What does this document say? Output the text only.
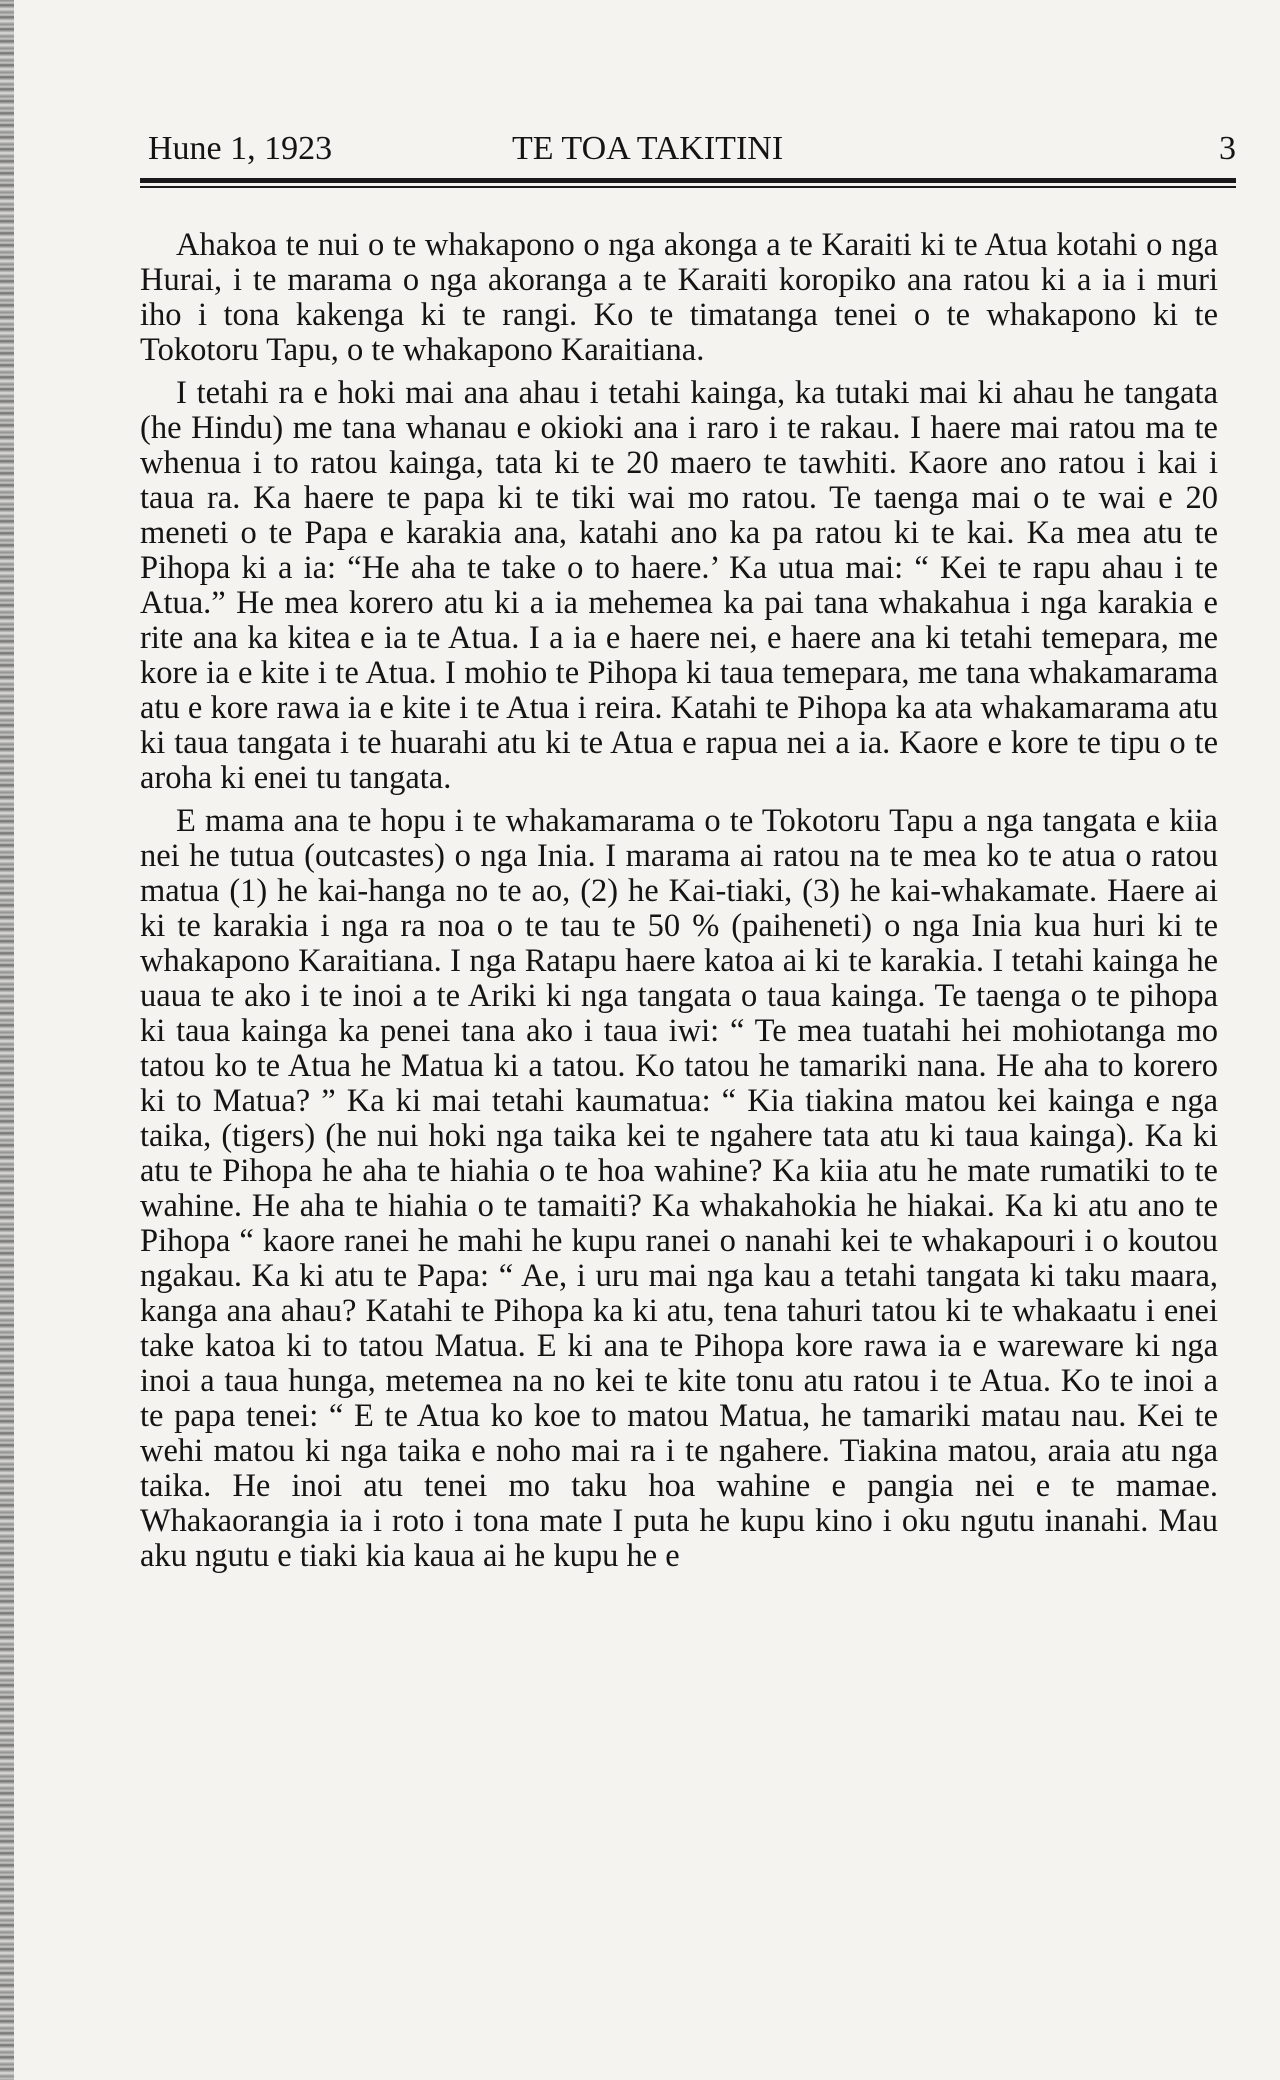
Hune 1, 1923	TE TOA TAKITINI	3

Ahakoa te nui o te whakapono o nga akonga a te Karaiti ki te Atua kotahi o nga Hurai, i te marama o nga akoranga a te Karaiti koropiko ana ratou ki a ia i muri iho i tona kakenga ki te rangi. Ko te timatanga tenei o te whakapono ki te Tokotoru Tapu, o te whakapono Karaitiana.

I tetahi ra e hoki mai ana ahau i tetahi kainga, ka tutaki mai ki ahau he tangata (he Hindu) me tana whanau e okioki ana i raro i te rakau. I haere mai ratou ma te whenua i to ratou kainga, tata ki te 20 maero te tawhiti. Kaore ano ratou i kai i taua ra. Ka haere te papa ki te tiki wai mo ratou. Te taenga mai o te wai e 20 meneti o te Papa e karakia ana, katahi ano ka pa ratou ki te kai. Ka mea atu te Pihopa ki a ia: “He aha te take o to haere.’ Ka utua mai: “ Kei te rapu ahau i te Atua.” He mea korero atu ki a ia mehemea ka pai tana whakahua i nga karakia e rite ana ka kitea e ia te Atua. I a ia e haere nei, e haere ana ki tetahi temepara, me kore ia e kite i te Atua. I mohio te Pihopa ki taua temepara, me tana whakamarama atu e kore rawa ia e kite i te Atua i reira. Katahi te Pihopa ka ata whakamarama atu ki taua tangata i te huarahi atu ki te Atua e rapua nei a ia. Kaore e kore te tipu o te aroha ki enei tu tangata.

E mama ana te hopu i te whakamarama o te Tokotoru Tapu a nga tangata e kiia nei he tutua (outcastes) o nga Inia. I marama ai ratou na te mea ko te atua o ratou matua (1) he kai-hanga no te ao, (2) he Kai-tiaki, (3) he kai-whakamate. Haere ai ki te karakia i nga ra noa o te tau te 50 % (paiheneti) o nga Inia kua huri ki te whakapono Karaitiana. I nga Ratapu haere katoa ai ki te karakia. I tetahi kainga he uaua te ako i te inoi a te Ariki ki nga tangata o taua kainga. Te taenga o te pihopa ki taua kainga ka penei tana ako i taua iwi: “ Te mea tuatahi hei mohiotanga mo tatou ko te Atua he Matua ki a tatou. Ko tatou he tamariki nana. He aha to korero ki to Matua? ” Ka ki mai tetahi kaumatua: “ Kia tiakina matou kei kainga e nga taika, (tigers) (he nui hoki nga taika kei te ngahere tata atu ki taua kainga). Ka ki atu te Pihopa he aha te hiahia o te hoa wahine? Ka kiia atu he mate rumatiki to te wahine. He aha te hiahia o te tamaiti? Ka whakahokia he hiakai. Ka ki atu ano te Pihopa “ kaore ranei he mahi he kupu ranei o nanahi kei te whakapouri i o koutou ngakau. Ka ki atu te Papa: “ Ae, i uru mai nga kau a tetahi tangata ki taku maara, kanga ana ahau? Katahi te Pihopa ka ki atu, tena tahuri tatou ki te whakaatu i enei take katoa ki to tatou Matua. E ki ana te Pihopa kore rawa ia e wareware ki nga inoi a taua hunga, metemea na no kei te kite tonu atu ratou i te Atua. Ko te inoi a te papa tenei: “ E te Atua ko koe to matou Matua, he tamariki matau nau. Kei te wehi matou ki nga taika e noho mai ra i te ngahere. Tiakina matou, araia atu nga taika. He inoi atu tenei mo taku hoa wahine e pangia nei e te mamae. Whakaorangia ia i roto i tona mate I puta he kupu kino i oku ngutu inanahi. Mau aku ngutu e tiaki kia kaua ai he kupu he e
